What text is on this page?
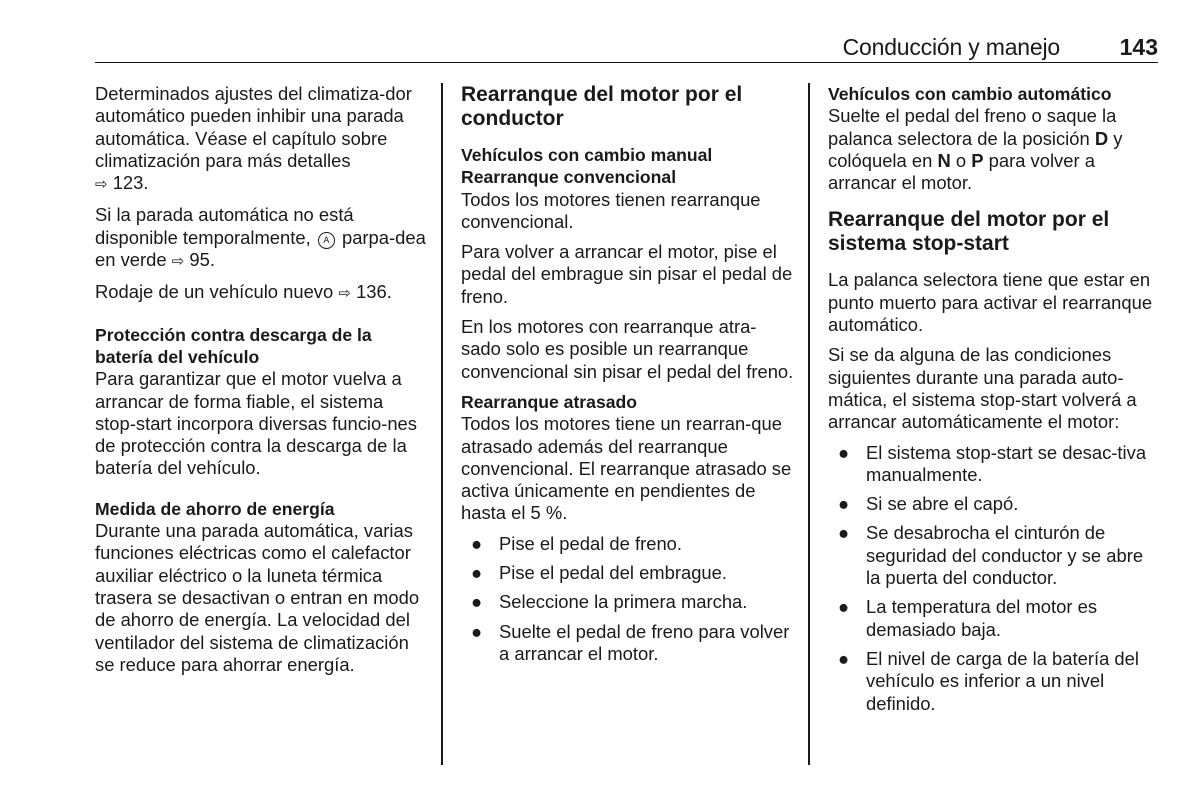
Conducción y manejo	143

Determinados ajustes del climatiza-dor automático pueden inhibir una parada automática. Véase el capítulo sobre climatización para más detalles
⇨ 123.

Si la parada automática no está disponible temporalmente, A parpa-dea en verde ⇨ 95.

Rodaje de un vehículo nuevo ⇨ 136.

Protección contra descarga de la batería del vehículo

Para garantizar que el motor vuelva a arrancar de forma fiable, el sistema stop-start incorpora diversas funcio-nes de protección contra la descarga de la batería del vehículo.

Medida de ahorro de energía

Durante una parada automática, varias funciones eléctricas como el calefactor auxiliar eléctrico o la luneta térmica trasera se desactivan o entran en modo de ahorro de energía. La velocidad del ventilador del sistema de climatización se reduce para ahorrar energía.

Rearranque del motor por el conductor
Vehículos con cambio manual
Rearranque convencional

Todos los motores tienen rearranque convencional.

Para volver a arrancar el motor, pise el pedal del embrague sin pisar el pedal de freno.

En los motores con rearranque atra-sado solo es posible un rearranque convencional sin pisar el pedal del freno.

Rearranque atrasado

Todos los motores tiene un rearran-que atrasado además del rearranque convencional. El rearranque atrasado se activa únicamente en pendientes de hasta el 5 %.

● Pise el pedal de freno.
● Pise el pedal del embrague.
● Seleccione la primera marcha.
● Suelte el pedal de freno para volver a arrancar el motor.
Vehículos con cambio automático

Suelte el pedal del freno o saque la palanca selectora de la posición D y colóquela en N o P para volver a arrancar el motor.

Rearranque del motor por el sistema stop-start

La palanca selectora tiene que estar en punto muerto para activar el rearranque automático.

Si se da alguna de las condiciones siguientes durante una parada auto-mática, el sistema stop-start volverá a arrancar automáticamente el motor:

● El sistema stop-start se desac-tiva manualmente.
● Si se abre el capó.
● Se desabrocha el cinturón de seguridad del conductor y se abre la puerta del conductor.
● La temperatura del motor es demasiado baja.
● El nivel de carga de la batería del vehículo es inferior a un nivel definido.
